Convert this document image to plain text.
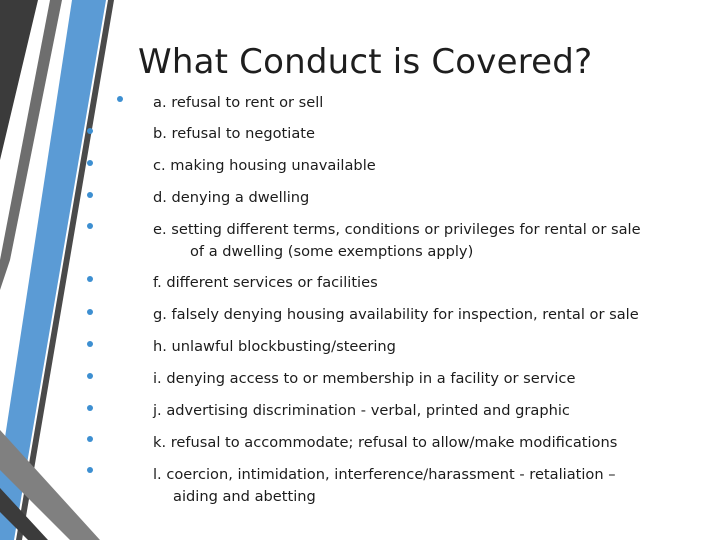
What Conduct is Covered?
a. refusal to rent or sell
b. refusal to negotiate
c. making housing unavailable
d. denying a dwelling
e. setting different terms, conditions or privileges for rental or sale
of a dwelling (some exemptions apply)
f. different services or facilities
g. falsely denying housing availability for inspection, rental or sale
h. unlawful blockbusting/steering
i. denying access to or membership in a facility or service
j. advertising discrimination - verbal, printed and graphic
k. refusal to accommodate; refusal to allow/make modifications
l. coercion, intimidation, interference/harassment - retaliation –
aiding and abetting
